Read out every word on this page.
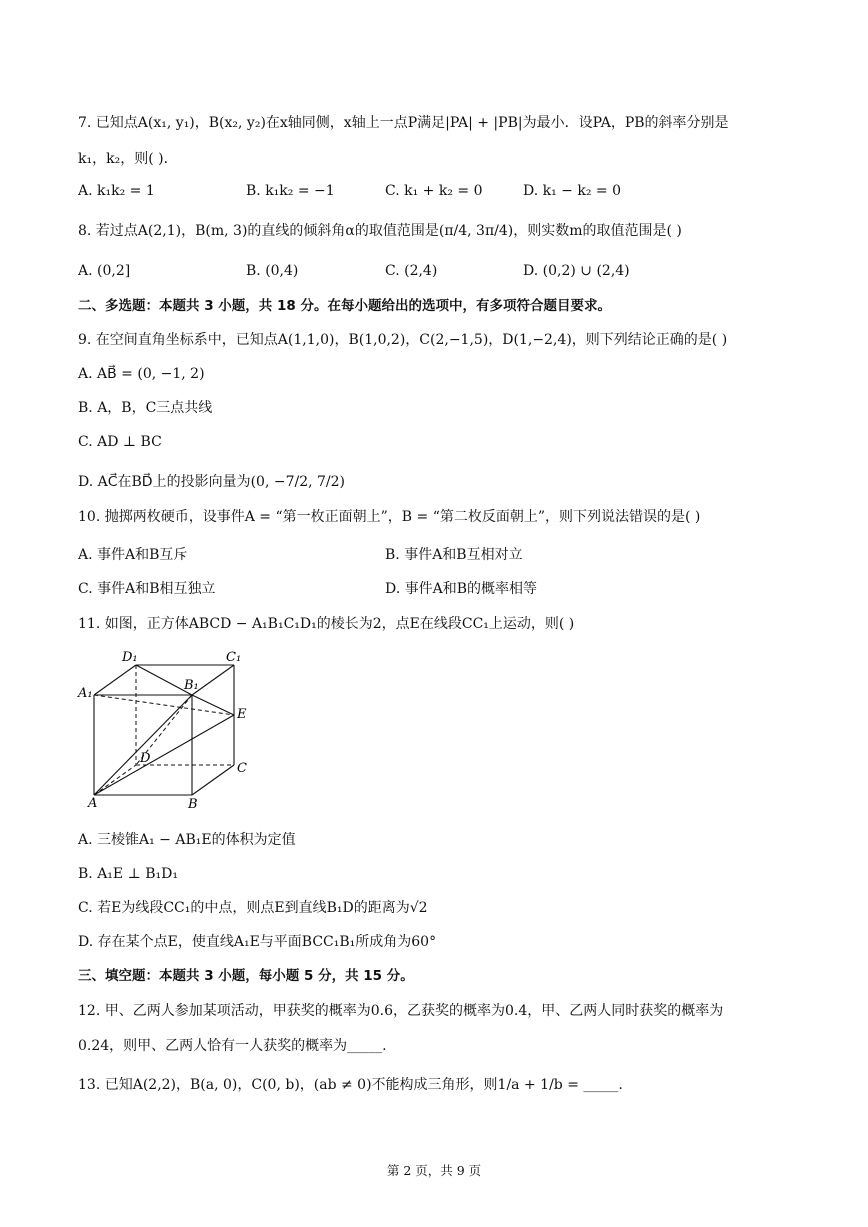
7. 已知点A(x₁, y₁)，B(x₂, y₂)在x轴同侧，x轴上一点P满足|PA| + |PB|为最小．设PA，PB的斜率分别是
k₁，k₂，则( )．
A. k₁k₂ = 1	B. k₁k₂ = −1	C. k₁ + k₂ = 0	D. k₁ − k₂ = 0
8. 若过点A(2,1)，B(m, 3)的直线的倾斜角α的取值范围是(π/4, 3π/4)，则实数m的取值范围是( )
A. (0,2]	B. (0,4)	C. (2,4)	D. (0,2) ∪ (2,4)
二、多选题：本题共 3 小题，共 18 分。在每小题给出的选项中，有多项符合题目要求。
9. 在空间直角坐标系中，已知点A(1,1,0)，B(1,0,2)，C(2,−1,5)，D(1,−2,4)，则下列结论正确的是( )
A. AB⃗ = (0, −1, 2)
B. A，B，C三点共线
C. AD ⊥ BC
D. AC⃗在BD⃗上的投影向量为(0, −7/2, 7/2)
10. 抛掷两枚硬币，设事件A = “第一枚正面朝上”，B = “第二枚反面朝上”，则下列说法错误的是( )
A. 事件A和B互斥	B. 事件A和B互相对立
C. 事件A和B相互独立	D. 事件A和B的概率相等
11. 如图，正方体ABCD − A₁B₁C₁D₁的棱长为2，点E在线段CC₁上运动，则( )
D₁	C₁
A₁
B₁
E
D
C
A	B
A. 三棱锥A₁ − AB₁E的体积为定值
B. A₁E ⊥ B₁D₁
C. 若E为线段CC₁的中点，则点E到直线B₁D的距离为√2
D. 存在某个点E，使直线A₁E与平面BCC₁B₁所成角为60°
三、填空题：本题共 3 小题，每小题 5 分，共 15 分。
12. 甲、乙两人参加某项活动，甲获奖的概率为0.6，乙获奖的概率为0.4，甲、乙两人同时获奖的概率为
0.24，则甲、乙两人恰有一人获奖的概率为_____.
13. 已知A(2,2)，B(a, 0)，C(0, b)，(ab ≠ 0)不能构成三角形，则1/a + 1/b = _____.
第 2 页，共 9 页
